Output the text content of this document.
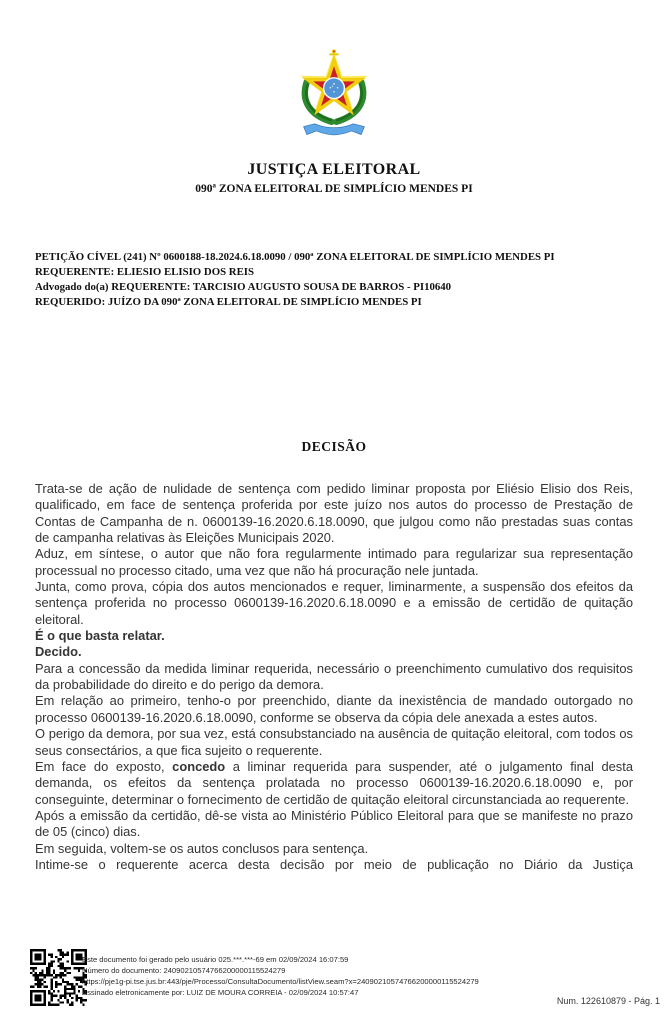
JUSTIÇA ELEITORAL
090ª ZONA ELEITORAL DE SIMPLÍCIO MENDES PI
PETIÇÃO CÍVEL (241) Nº 0600188-18.2024.6.18.0090 / 090ª ZONA ELEITORAL DE SIMPLÍCIO MENDES PI
REQUERENTE: ELIESIO ELISIO DOS REIS
Advogado do(a) REQUERENTE: TARCISIO AUGUSTO SOUSA DE BARROS - PI10640
REQUERIDO: JUÍZO DA 090ª ZONA ELEITORAL DE SIMPLÍCIO MENDES PI
DECISÃO

Trata-se de ação de nulidade de sentença com pedido liminar proposta por Eliésio Elisio dos Reis, qualificado, em face de sentença proferida por este juízo nos autos do processo de Prestação de Contas de Campanha de n. 0600139-16.2020.6.18.0090, que julgou como não prestadas suas contas de campanha relativas às Eleições Municipais 2020.

Aduz, em síntese, o autor que não fora regularmente intimado para regularizar sua representação processual no processo citado, uma vez que não há procuração nele juntada.

Junta, como prova, cópia dos autos mencionados e requer, liminarmente, a suspensão dos efeitos da sentença proferida no processo 0600139-16.2020.6.18.0090 e a emissão de certidão de quitação eleitoral.

É o que basta relatar.

Decido.

Para a concessão da medida liminar requerida, necessário o preenchimento cumulativo dos requisitos da probabilidade do direito e do perigo da demora.

Em relação ao primeiro, tenho-o por preenchido, diante da inexistência de mandado outorgado no processo 0600139-16.2020.6.18.0090, conforme se observa da cópia dele anexada a estes autos.

O perigo da demora, por sua vez, está consubstanciado na ausência de quitação eleitoral, com todos os seus consectários, a que fica sujeito o requerente.

Em face do exposto, concedo a liminar requerida para suspender, até o julgamento final desta demanda, os efeitos da sentença prolatada no processo 0600139-16.2020.6.18.0090 e, por conseguinte, determinar o fornecimento de certidão de quitação eleitoral circunstanciada ao requerente.

Após a emissão da certidão, dê-se vista ao Ministério Público Eleitoral para que se manifeste no prazo de 05 (cinco) dias.

Em seguida, voltem-se os autos conclusos para sentença.

Intime-se o requerente acerca desta decisão por meio de publicação no Diário da Justiça

Este documento foi gerado pelo usuário 025.***.***-69 em 02/09/2024 16:07:59
Número do documento: 24090210574766200000115524279
https://pje1g-pi.tse.jus.br:443/pje/Processo/ConsultaDocumento/listView.seam?x=24090210574766200000115524279
Assinado eletronicamente por: LUIZ DE MOURA CORREIA - 02/09/2024 10:57:47
Num. 122610879 - Pág. 1
